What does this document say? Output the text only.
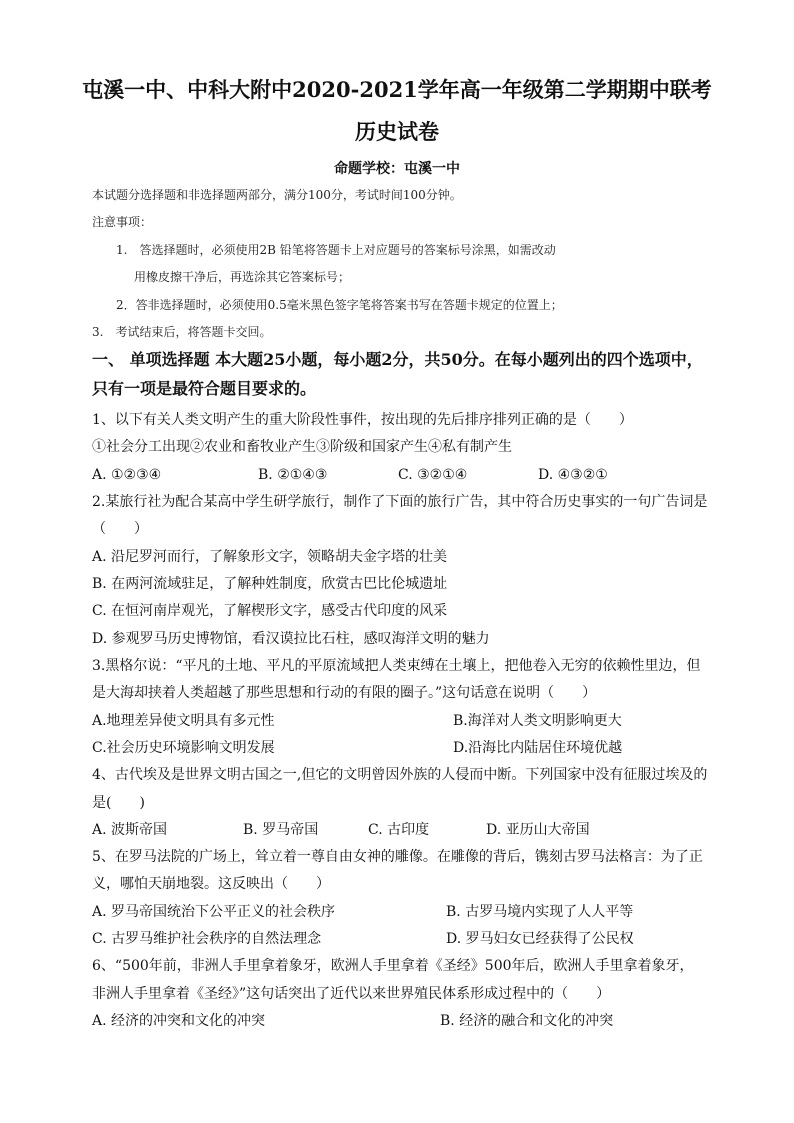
屯溪一中、中科大附中2020-2021学年高一年级第二学期期中联考
历史试卷
命题学校：屯溪一中
本试题分选择题和非选择题两部分，满分100分，考试时间100分钟。
注意事项：
1.　答选择题时，必须使用2B 铅笔将答题卡上对应题号的答案标号涂黑，如需改动
用橡皮擦干净后，再选涂其它答案标号；
2．答非选择题时，必须使用0.5毫米黑色签字笔将答案书写在答题卡规定的位置上；
3.　考试结束后，将答题卡交回。
一、 单项选择题 本大题25小题，每小题2分，共50分。在每小题列出的四个选项中，
只有一项是最符合题目要求的。
1、以下有关人类文明产生的重大阶段性事件，按出现的先后排序排列正确的是（　　）
①社会分工出现②农业和畜牧业产生③阶级和国家产生④私有制产生
A. ①②③④	B. ②①④③	C. ③②①④	D. ④③②①
2.某旅行社为配合某高中学生研学旅行，制作了下面的旅行广告，其中符合历史事实的一句广告词是
（　　）
A. 沿尼罗河而行，了解象形文字，领略胡夫金字塔的壮美
B. 在两河流域驻足，了解种姓制度，欣赏古巴比伦城遗址
C. 在恒河南岸观光，了解楔形文字，感受古代印度的风采
D. 参观罗马历史博物馆，看汉谟拉比石柱，感叹海洋文明的魅力
3.黑格尔说：“平凡的土地、平凡的平原流域把人类束缚在土壤上，把他卷入无穷的依赖性里边，但
是大海却挟着人类超越了那些思想和行动的有限的圈子。”这句话意在说明（　　）
A.地理差异使文明具有多元性	B.海洋对人类文明影响更大
C.社会历史环境影响文明发展	D.沿海比内陆居住环境优越
4、古代埃及是世界文明古国之一,但它的文明曾因外族的人侵而中断。下列国家中没有征服过埃及的
是(　　)
A. 波斯帝国	B. 罗马帝国	C. 古印度	D. 亚历山大帝国
5、在罗马法院的广场上，耸立着一尊自由女神的雕像。在雕像的背后，镌刻古罗马法格言：为了正
义，哪怕天崩地裂。这反映出（　　）
A. 罗马帝国统治下公平正义的社会秩序	B. 古罗马境内实现了人人平等
C. 古罗马维护社会秩序的自然法理念	D. 罗马妇女已经获得了公民权
6、“500年前，非洲人手里拿着象牙，欧洲人手里拿着《圣经》500年后，欧洲人手里拿着象牙，
非洲人手里拿着《圣经》”这句话突出了近代以来世界殖民体系形成过程中的（　　）
A. 经济的冲突和文化的冲突	B. 经济的融合和文化的冲突
